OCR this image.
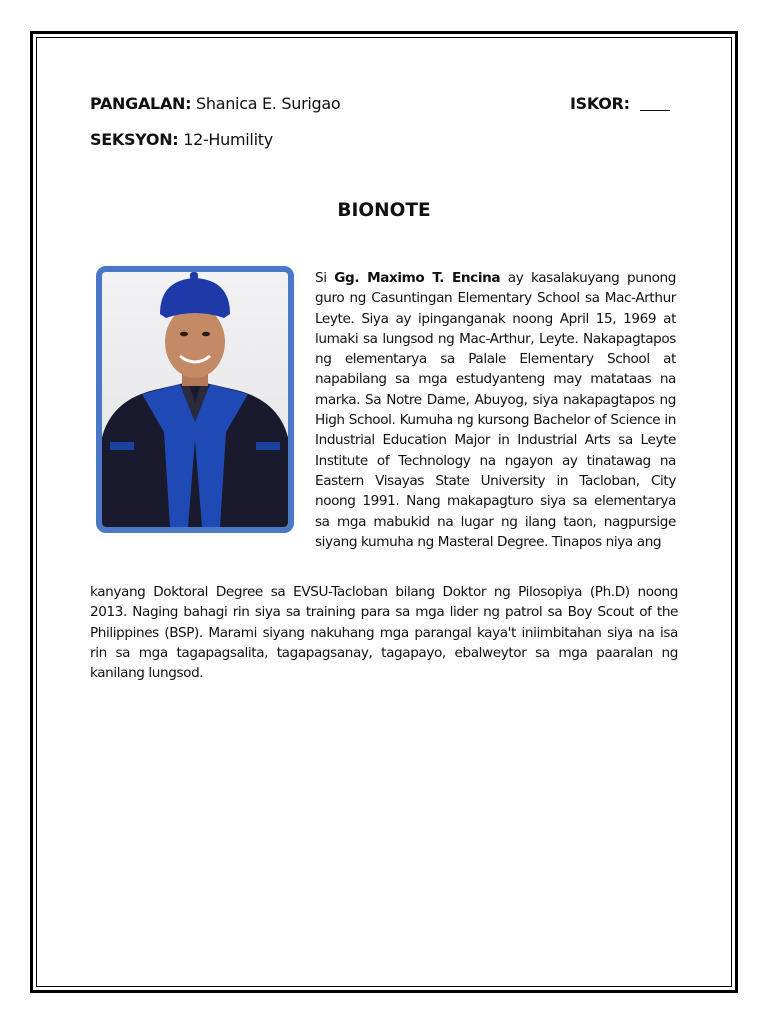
PANGALAN: Shanica E. Surigao
SEKSYON: 12-Humility
ISKOR:
BIONOTE
Si Gg. Maximo T. Encina ay kasalakuyang punong guro ng Casuntingan Elementary School sa Mac-Arthur Leyte. Siya ay ipinganganak noong April 15, 1969 at lumaki sa lungsod ng Mac-Arthur, Leyte. Nakapagtapos ng elementarya sa Palale Elementary School at napabilang sa mga estudyanteng may matataas na marka. Sa Notre Dame, Abuyog, siya nakapagtapos ng High School. Kumuha ng kursong Bachelor of Science in Industrial Education Major in Industrial Arts sa Leyte Institute of Technology na ngayon ay tinatawag na Eastern Visayas State University in Tacloban, City noong 1991. Nang makapagturo siya sa elementarya sa mga mabukid na lugar ng ilang taon, nagpursige siyang kumuha ng Masteral Degree. Tinapos niya ang
kanyang Doktoral Degree sa EVSU-Tacloban bilang Doktor ng Pilosopiya (Ph.D) noong 2013. Naging bahagi rin siya sa training para sa mga lider ng patrol sa Boy Scout of the Philippines (BSP). Marami siyang nakuhang mga parangal kaya't iniimbitahan siya na isa rin sa mga tagapagsalita, tagapagsanay, tagapayo, ebalweytor sa mga paaralan ng kanilang lungsod.
